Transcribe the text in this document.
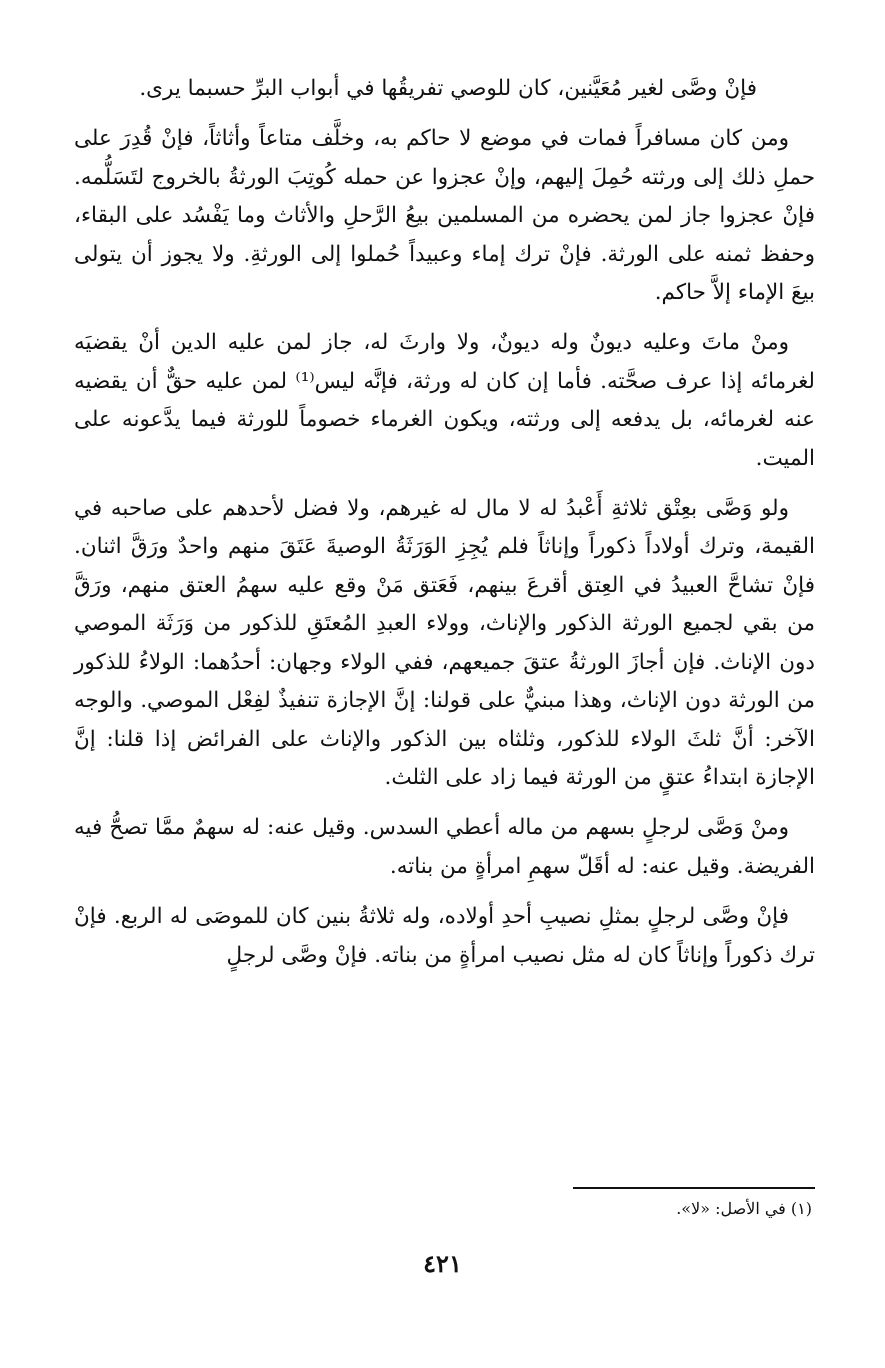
فإنْ وصَّى لغير مُعَيَّنين، كان للوصي تفريقُها في أبواب البرِّ حسبما يرى.

ومن كان مسافراً فمات في موضع لا حاكم به، وخلَّف متاعاً وأثاثاً، فإنْ قُدِرَ على حملِ ذلك إلى ورثته حُمِلَ إليهم، وإنْ عجزوا عن حمله كُوتِبَ الورثةُ بالخروج لتَسَلُّمه. فإنْ عجزوا جاز لمن يحضره من المسلمين بيعُ الرَّحلِ والأثاث وما يَفْسُد على البقاء، وحفظ ثمنه على الورثة. فإنْ ترك إماء وعبيداً حُملوا إلى الورثةِ. ولا يجوز أن يتولى بيعَ الإماء إلاَّ حاكم.

ومنْ ماتَ وعليه ديونٌ وله ديونٌ، ولا وارثَ له، جاز لمن عليه الدين أنْ يقضيَه لغرمائه إذا عرف صحَّته. فأما إن كان له ورثة، فإنَّه ليس⁽¹⁾ لمن عليه حقٌّ أن يقضيه عنه لغرمائه، بل يدفعه إلى ورثته، ويكون الغرماء خصوماً للورثة فيما يدَّعونه على الميت.

ولو وَصَّى بعِتْق ثلاثةِ أَعْبدُ له لا مال له غيرهم، ولا فضل لأحدهم على صاحبه في القيمة، وترك أولاداً ذكوراً وإناثاً فلم يُجِزِ الوَرَثَةُ الوصيةَ عَتَقَ منهم واحدٌ ورَقَّ اثنان. فإنْ تشاحَّ العبيدُ في العِتق أقرعَ بينهم، فَعَتق مَنْ وقع عليه سهمُ العتق منهم، ورَقَّ من بقي لجميع الورثة الذكور والإناث، وولاء العبدِ المُعتَقِ للذكور من وَرَثَة الموصي دون الإناث. فإن أجازَ الورثةُ عتقَ جميعهم، ففي الولاء وجهان: أحدُهما: الولاءُ للذكور من الورثة دون الإناث، وهذا مبنيٌّ على قولنا: إنَّ الإجازة تنفيذٌ لفِعْل الموصي. والوجه الآخر: أنَّ ثلثَ الولاء للذكور، وثلثاه بين الذكور والإناث على الفرائض إذا قلنا: إنَّ الإجازة ابتداءُ عتقٍ من الورثة فيما زاد على الثلث.

ومنْ وَصَّى لرجلٍ بسهم من ماله أعطي السدس. وقيل عنه: له سهمٌ ممَّا تصحُّ فيه الفريضة. وقيل عنه: له أقَلّ سهمِ امرأةٍ من بناته.

فإنْ وصَّى لرجلٍ بمثلِ نصيبِ أحدِ أولاده، وله ثلاثةُ بنين كان للموصَى له الربع. فإنْ ترك ذكوراً وإناثاً كان له مثل نصيب امرأةٍ من بناته. فإنْ وصَّى لرجلٍ

(١) في الأصل: «لا».
٤٢١
